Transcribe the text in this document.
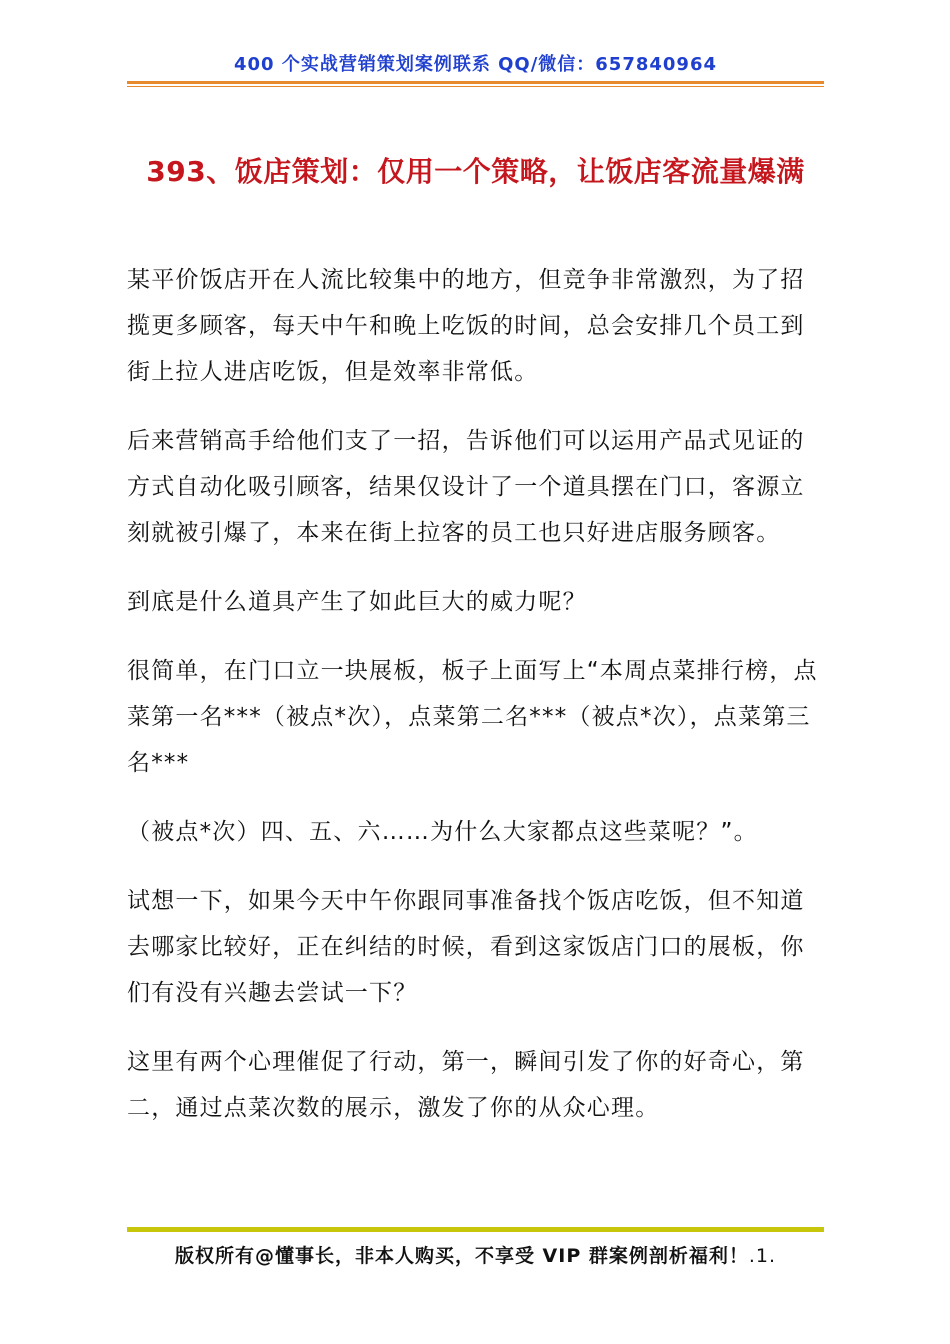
400 个实战营销策划案例联系 QQ/微信：657840964
393、饭店策划：仅用一个策略，让饭店客流量爆满

某平价饭店开在人流比较集中的地方，但竞争非常激烈，为了招揽更多顾客，每天中午和晚上吃饭的时间，总会安排几个员工到街上拉人进店吃饭，但是效率非常低。

后来营销高手给他们支了一招，告诉他们可以运用产品式见证的方式自动化吸引顾客，结果仅设计了一个道具摆在门口，客源立刻就被引爆了，本来在街上拉客的员工也只好进店服务顾客。

到底是什么道具产生了如此巨大的威力呢？

很简单，在门口立一块展板，板子上面写上“本周点菜排行榜，点菜第一名***（被点*次），点菜第二名***（被点*次），点菜第三名***

（被点*次）四、五、六……为什么大家都点这些菜呢？”。

试想一下，如果今天中午你跟同事准备找个饭店吃饭，但不知道去哪家比较好，正在纠结的时候，看到这家饭店门口的展板，你们有没有兴趣去尝试一下？

这里有两个心理催促了行动，第一，瞬间引发了你的好奇心，第二，通过点菜次数的展示，激发了你的从众心理。

版权所有@懂事长，非本人购买，不享受 VIP 群案例剖析福利！.1.
